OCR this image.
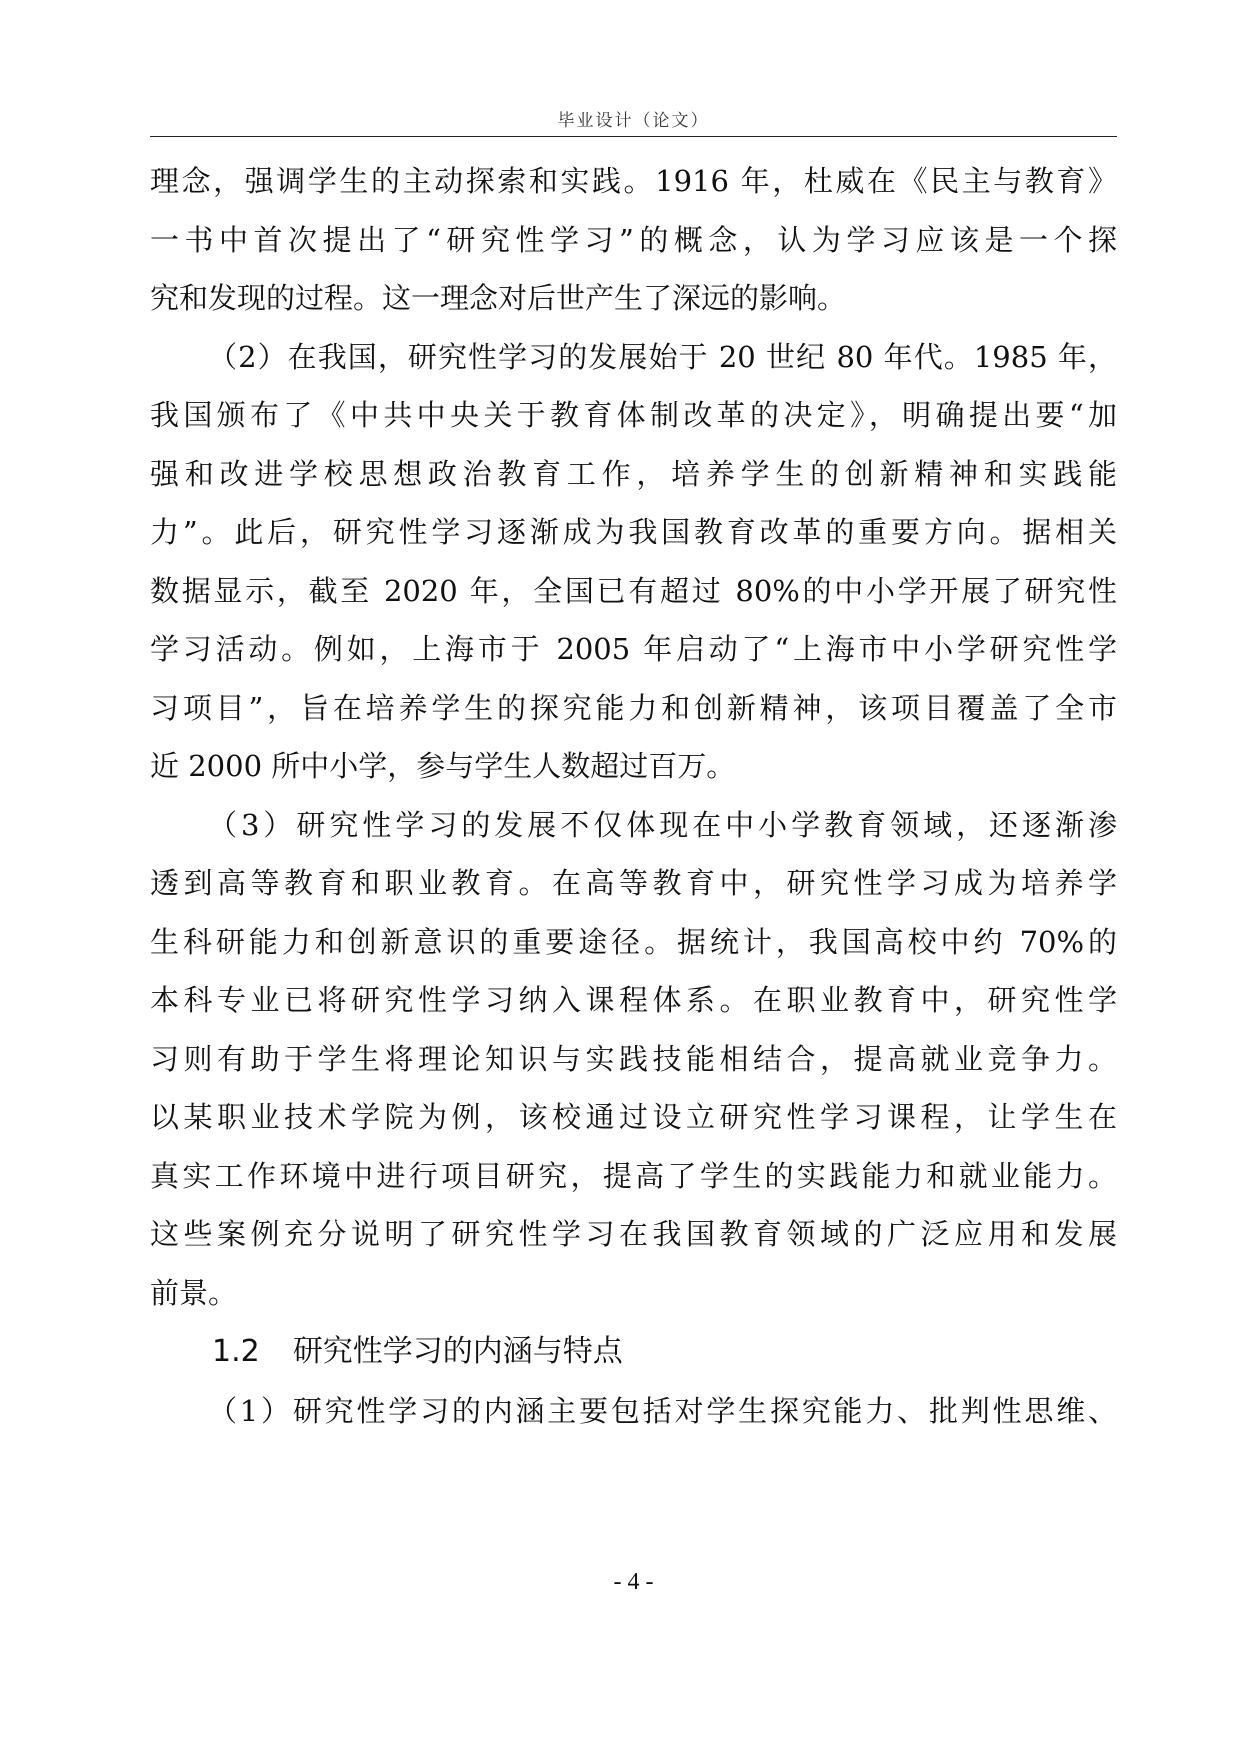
毕业设计（论文）
理念，强调学生的主动探索和实践。1916 年，杜威在《民主与教育》
一书中首次提出了“研究性学习”的概念，认为学习应该是一个探
究和发现的过程。这一理念对后世产生了深远的影响。
（2）在我国，研究性学习的发展始于 20 世纪 80 年代。1985 年，
我国颁布了《中共中央关于教育体制改革的决定》，明确提出要“加
强和改进学校思想政治教育工作，培养学生的创新精神和实践能
力”。此后，研究性学习逐渐成为我国教育改革的重要方向。据相关
数据显示，截至 2020 年，全国已有超过 80%的中小学开展了研究性
学习活动。例如，上海市于 2005 年启动了“上海市中小学研究性学
习项目”，旨在培养学生的探究能力和创新精神，该项目覆盖了全市
近 2000 所中小学，参与学生人数超过百万。
（3）研究性学习的发展不仅体现在中小学教育领域，还逐渐渗
透到高等教育和职业教育。在高等教育中，研究性学习成为培养学
生科研能力和创新意识的重要途径。据统计，我国高校中约 70%的
本科专业已将研究性学习纳入课程体系。在职业教育中，研究性学
习则有助于学生将理论知识与实践技能相结合，提高就业竞争力。
以某职业技术学院为例，该校通过设立研究性学习课程，让学生在
真实工作环境中进行项目研究，提高了学生的实践能力和就业能力。
这些案例充分说明了研究性学习在我国教育领域的广泛应用和发展
前景。
1.2 研究性学习的内涵与特点
（1）研究性学习的内涵主要包括对学生探究能力、批判性思维、
- 4 -
